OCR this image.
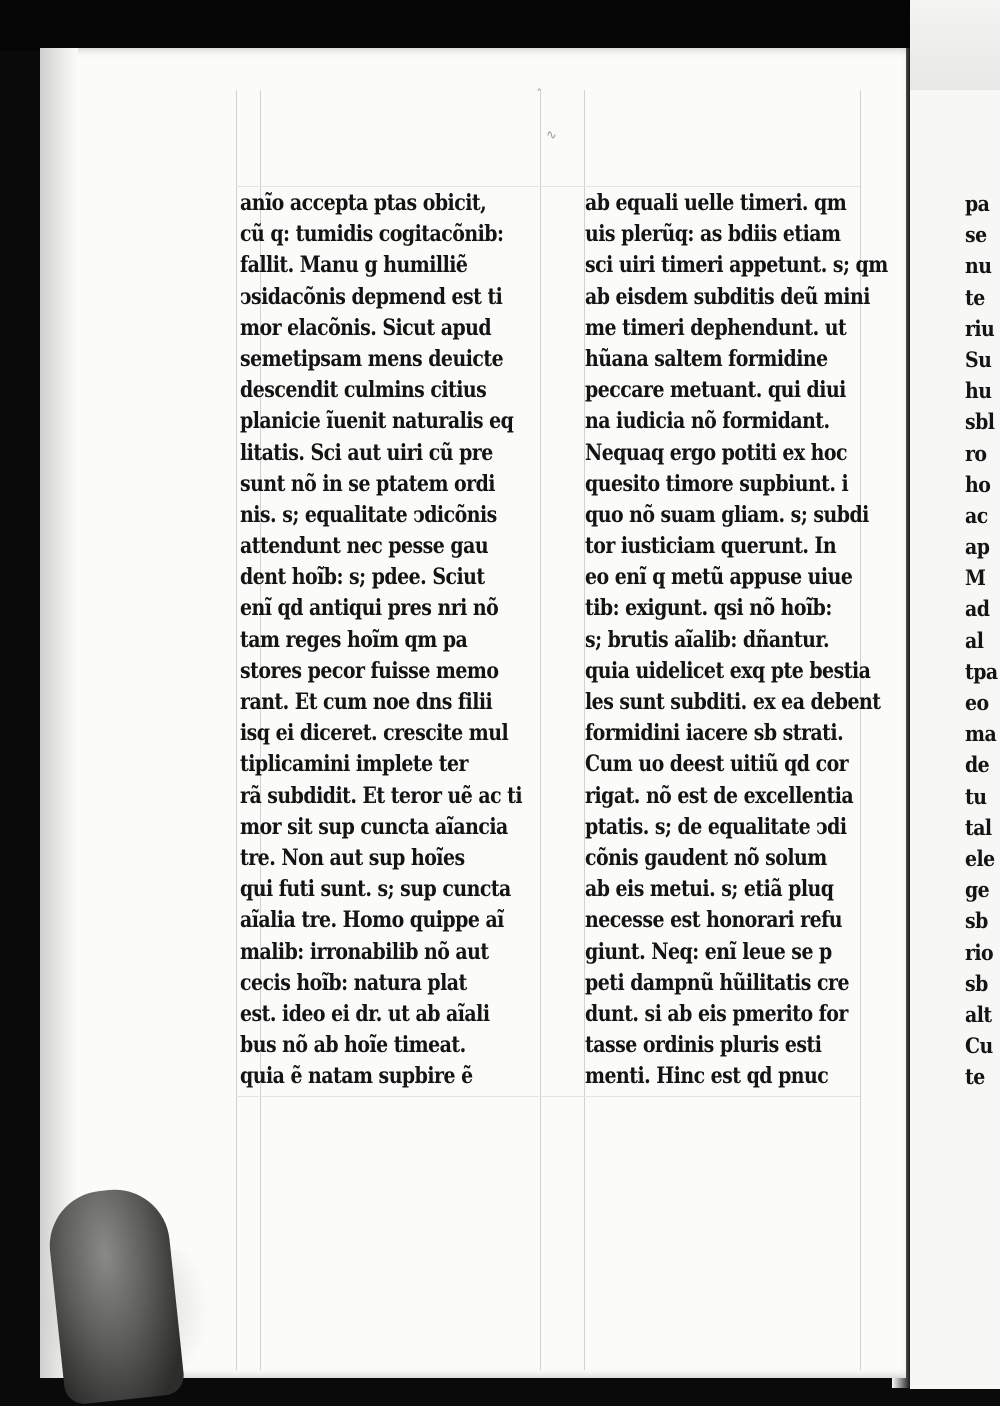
∿
ˆ
anĩo accepta ptas obicit,
cũ q: tumidis cogitacõnib:
fallit. Manu g humilliẽ
ↄsidacõnis depmend est ti
mor elacõnis. Sicut apud
semetipsam mens deuicte
descendit culmins citius
planicie ĩuenit naturalis eq
litatis. Sci aut uiri cũ pre
sunt nõ in se ptatem ordi
nis. s; equalitate ↄdicõnis
attendunt nec pesse gau
dent hoĩb: s; pdee. Sciut
enĩ qd antiqui pres nri nõ
tam reges hoĩm qm pa
stores pecor fuisse memo
rant. Et cum noe dns filii
isq ei diceret. crescite mul
tiplicamini implete ter
rã subdidit. Et teror uẽ ac ti
mor sit sup cuncta aĩancia
tre. Non aut sup hoĩes
qui futi sunt. s; sup cuncta
aĩalia tre. Homo quippe aĩ
malib: irronabilib nõ aut
cecis hoĩb: natura plat
est. ideo ei dr. ut ab aĩali
bus nõ ab hoĩe timeat.
quia ẽ natam supbire ẽ
ab equali uelle timeri. qm
uis plerũq: as bdiis etiam
sci uiri timeri appetunt. s; qm
ab eisdem subditis deũ mini
me timeri dephendunt. ut
hũana saltem formidine
peccare metuant. qui diui
na iudicia nõ formidant.
Nequaq ergo potiti ex hoc
quesito timore supbiunt. i
quo nõ suam gliam. s; subdi
tor iusticiam querunt. In
eo enĩ q metũ appuse uiue
tib: exigunt. qsi nõ hoĩb:
s; brutis aĩalib: dñantur.
quia uidelicet exq pte bestia
les sunt subditi. ex ea debent
formidini iacere sb strati.
Cum uo deest uitiũ qd cor
rigat. nõ est de excellentia
ptatis. s; de equalitate ↄdi
cõnis gaudent nõ solum
ab eis metui. s; etiã pluq
necesse est honorari refu
giunt. Neq: enĩ leue se p
peti dampnũ hũilitatis cre
dunt. si ab eis pmerito for
tasse ordinis pluris esti
menti. Hinc est qd pnuc
pa
se
nu
te
riu
Su
hu
sbl
ro
ho
ac
ap
M
ad
al
tpa
eo
ma
de
tu
tal
ele
ge
sb
rio
sb
alt
Cu
te
